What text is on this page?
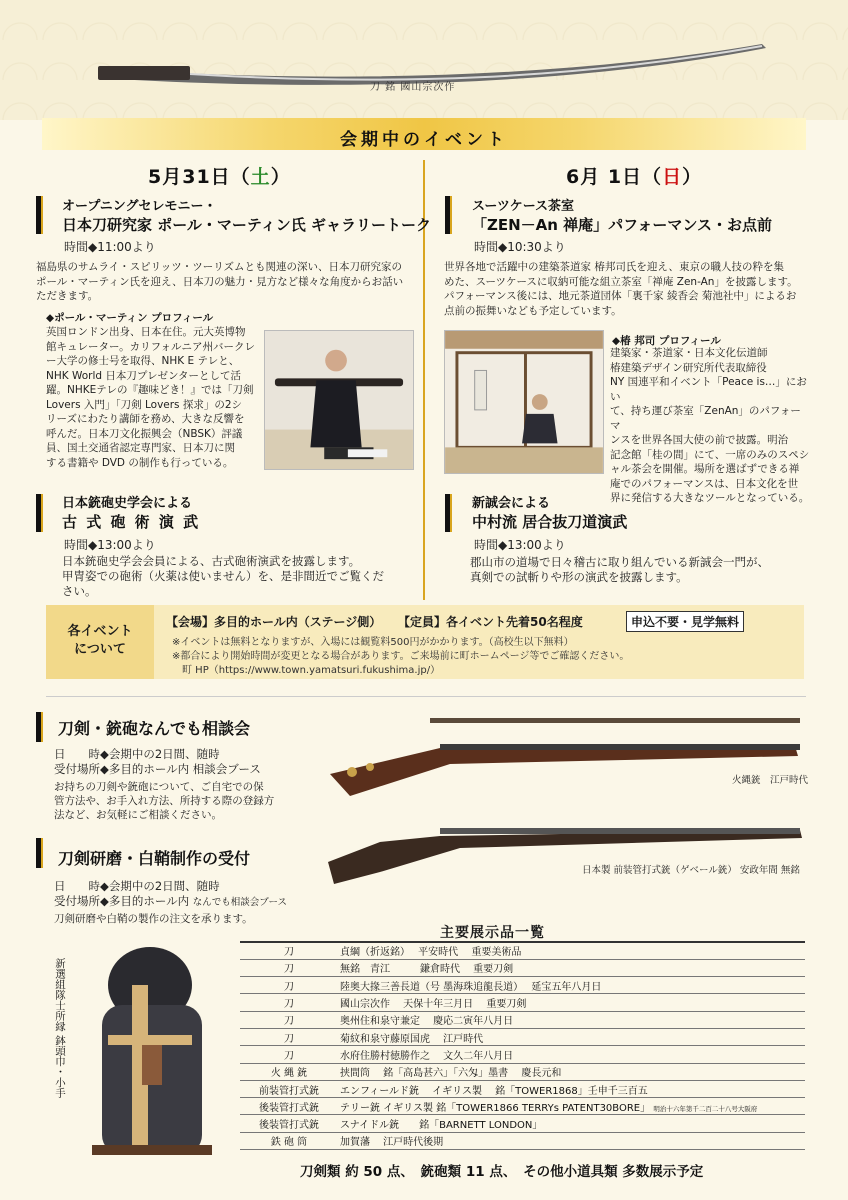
刀 銘 國山宗次作
会期中のイベント
5月31日（土）
オープニングセレモニー・
日本刀研究家 ポール・マーティン氏 ギャラリートーク
時間◆11:00より
福島県のサムライ・スピリッツ・ツーリズムとも関連の深い、日本刀研究家の
ポール・マーティン氏を迎え、日本刀の魅力・見方など様々な角度からお話い
ただきます。
◆ポール・マーティン プロフィール
英国ロンドン出身、日本在住。元大英博物
館キュレーター。カリフォルニア州バークレ
ー大学の修士号を取得、NHK E テレと、
NHK World 日本刀プレゼンターとして活
躍。NHKEテレの『趣味どき！』では「刀剣
Lovers 入門」「刀剣 Lovers 探求」の2シ
リーズにわたり講師を務め、大きな反響を
呼んだ。日本刀文化振興会（NBSK）評議
員、国土交通省認定専門家、日本刀に関
する書籍や DVD の制作も行っている。
日本銃砲史学会による
古 式 砲 術 演 武
時間◆13:00より
日本銃砲史学会会員による、古式砲術演武を披露します。
甲冑姿での砲術（火薬は使いません）を、是非間近でご覧くだ
さい。
6月 1日（日）
スーツケース茶室
「ZEN－An 禅庵」パフォーマンス・お点前
時間◆10:30より
世界各地で活躍中の建築茶道家 椿邦司氏を迎え、東京の職人技の粋を集
めた、スーツケースに収納可能な組立茶室「禅庵 Zen-An」を披露します。
パフォーマンス後には、地元茶道団体「裏千家 綾香会 菊池社中」によるお
点前の振舞いなども予定しています。
◆椿 邦司 プロフィール
建築家・茶道家・日本文化伝道師
椿建築デザイン研究所代表取締役
NY 国連平和イベント「Peace is…」におい
て、持ち運び茶室「ZenAn」のパフォーマ
ンスを世界各国大使の前で披露。明治
記念館「桂の間」にて、一席のみのスペシ
ャル茶会を開催。場所を選ばずできる禅
庵でのパフォーマンスは、日本文化を世
界に発信する大きなツールとなっている。
新誠会による
中村流 居合抜刀道演武
時間◆13:00より
郡山市の道場で日々稽古に取り組んでいる新誠会一門が、
真剣での試斬りや形の演武を披露します。
各イベント
について
【会場】多目的ホール内（ステージ側） 【定員】各イベント先着50名程度	申込不要・見学無料
※イベントは無料となりますが、入場には観覧料500円がかかります。（高校生以下無料）
※都合により開始時間が変更となる場合があります。ご来場前に町ホームページ等でご確認ください。
町 HP（https://www.town.yamatsuri.fukushima.jp/）
刀剣・銃砲なんでも相談会
日　　時◆会期中の2日間、随時
受付場所◆多目的ホール内 相談会ブース
お持ちの刀剣や銃砲について、ご自宅での保
管方法や、お手入れ方法、所持する際の登録方
法など、お気軽にご相談ください。
刀剣研磨・白鞘制作の受付
日　　時◆会期中の2日間、随時
受付場所◆多目的ホール内 なんでも相談会ブース
刀剣研磨や白鞘の製作の注文を承ります。
火縄銃　江戸時代
日本製 前装管打式銃（ゲベール銃） 安政年間 無銘
新選組隊士所縁 鉢頭巾・小手
主要展示品一覧
刀	貞綱（折返銘）　 平安時代　 重要美術品
刀	無銘　青江　　　鎌倉時代　 重要刀剣
刀	陸奥大掾三善長道（号 墨海珠追龍長道）　 延宝五年八月日
刀	國山宗次作　 天保十年三月日　 重要刀剣
刀	奥州住和泉守兼定　 慶応二寅年八月日
刀	菊紋和泉守藤原国虎　 江戸時代
刀	水府住勝村徳勝作之　 文久二年八月日
火 縄 銃	挟間筒　 銘「高島甚六」「六匁」墨書　 慶長元和
前装管打式銃	エンフィールド銃　 イギリス製　 銘「TOWER1868」壬申千三百五
後装管打式銃	テリー銃 イギリス製 銘「TOWER1866 TERRYs PATENT30BORE」 明治十六年第千二百二十八号大阪府
後装管打式銃	スナイドル銃　　銘「BARNETT LONDON」
鉄 砲 筒	加賀藩　 江戸時代後期
刀剣類 約 50 点、　銃砲類 11 点、　その他小道具類 多数展示予定
